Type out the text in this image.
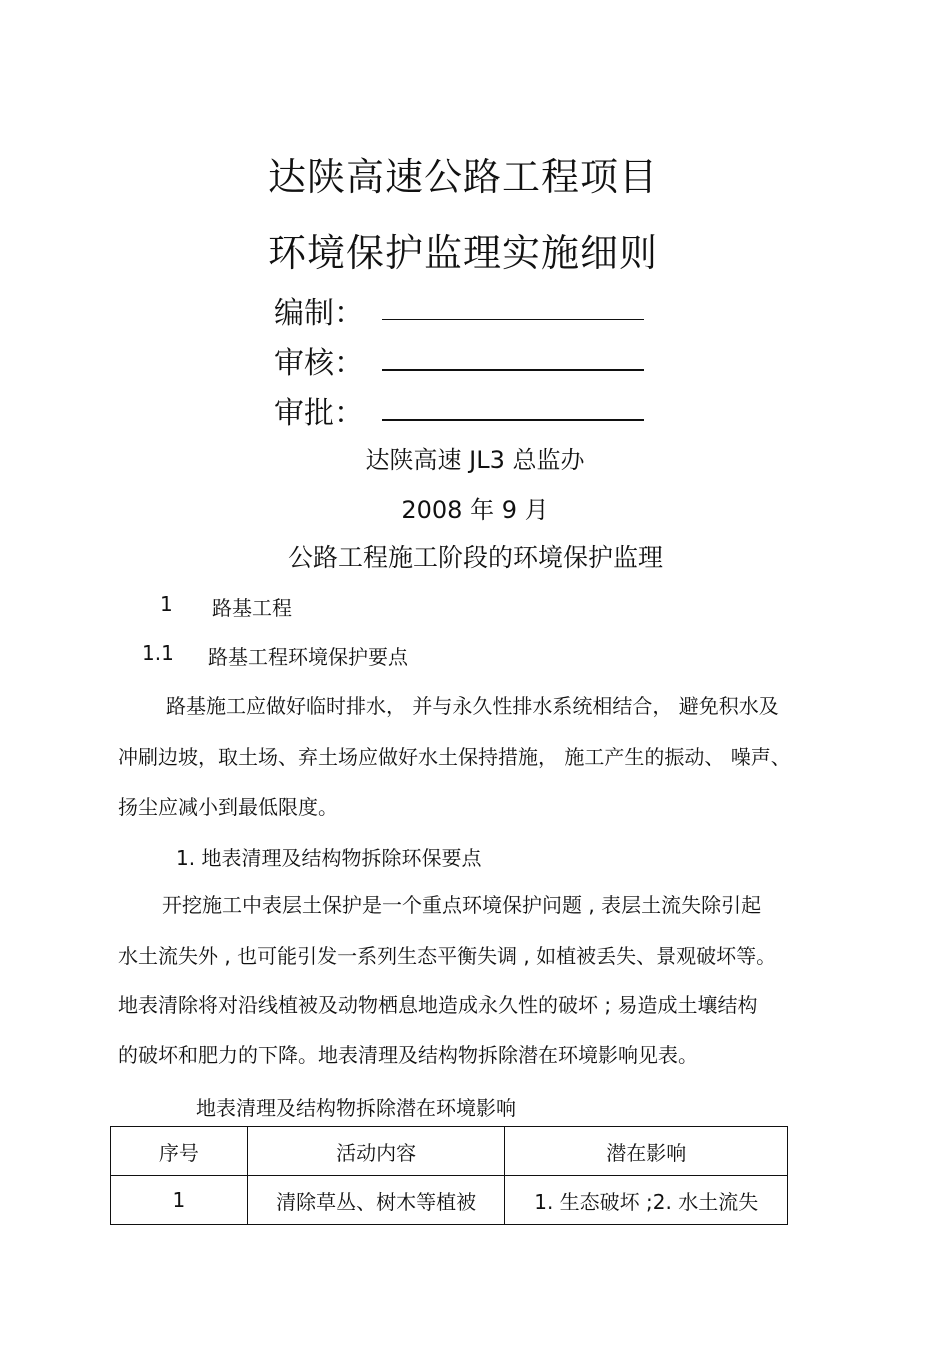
达陕高速公路工程项目
环境保护监理实施细则
编制：
审核：
审批：
达陕高速 JL3 总监办
2008 年 9 月
公路工程施工阶段的环境保护监理
1 路基工程
1.1 路基工程环境保护要点
路基施工应做好临时排水， 并与永久性排水系统相结合， 避免积水及
冲刷边坡，取土场、弃土场应做好水土保持措施， 施工产生的振动、 噪声、
扬尘应减小到最低限度。
1. 地表清理及结构物拆除环保要点
开挖施工中表层土保护是一个重点环境保护问题 , 表层土流失除引起
水土流失外 , 也可能引发一系列生态平衡失调 , 如植被丢失、景观破坏等。
地表清除将对沿线植被及动物栖息地造成永久性的破坏 ; 易造成土壤结构
的破坏和肥力的下降。地表清理及结构物拆除潜在环境影响见表。
地表清理及结构物拆除潜在环境影响
序号	活动内容	潜在影响
1	清除草丛、树木等植被	1. 生态破坏 ;2. 水土流失
